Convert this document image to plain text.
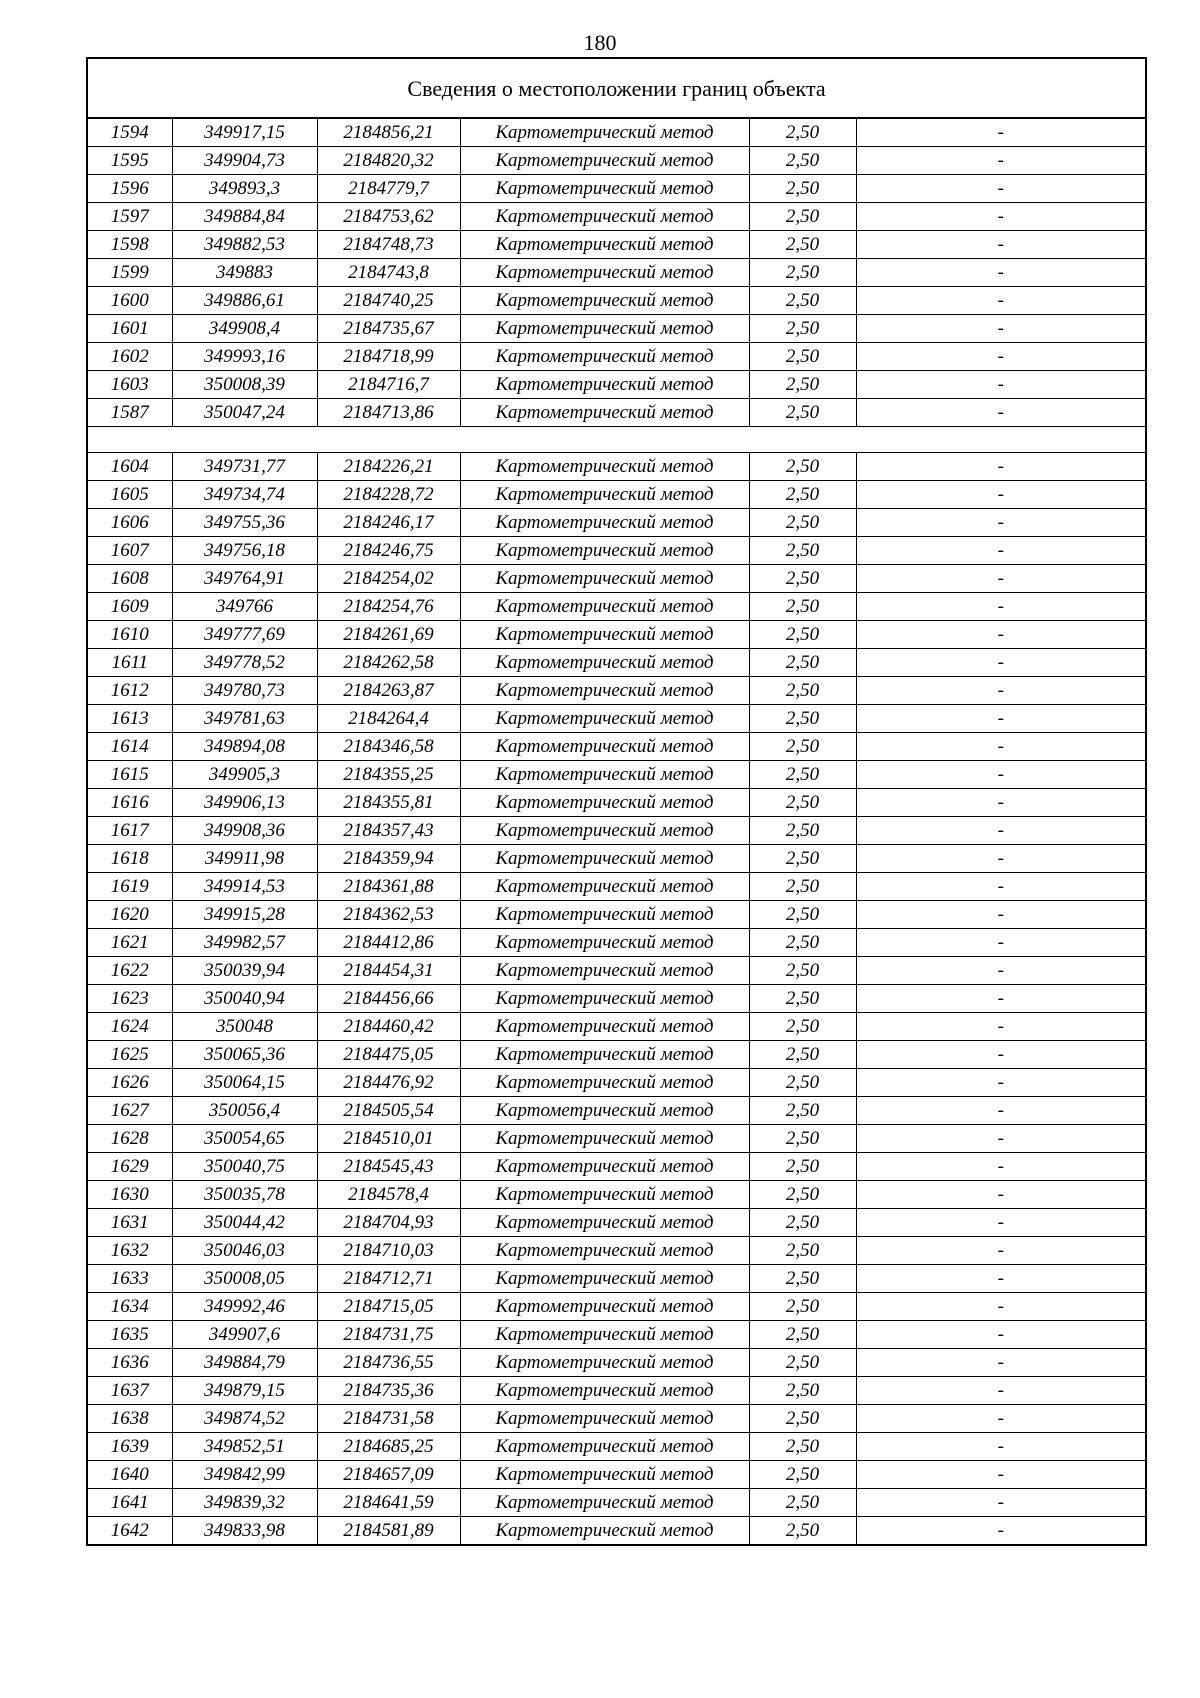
180
Сведения о местоположении границ объекта
1594	349917,15	2184856,21	Картометрический метод	2,50	-
1595	349904,73	2184820,32	Картометрический метод	2,50	-
1596	349893,3	2184779,7	Картометрический метод	2,50	-
1597	349884,84	2184753,62	Картометрический метод	2,50	-
1598	349882,53	2184748,73	Картометрический метод	2,50	-
1599	349883	2184743,8	Картометрический метод	2,50	-
1600	349886,61	2184740,25	Картометрический метод	2,50	-
1601	349908,4	2184735,67	Картометрический метод	2,50	-
1602	349993,16	2184718,99	Картометрический метод	2,50	-
1603	350008,39	2184716,7	Картометрический метод	2,50	-
1587	350047,24	2184713,86	Картометрический метод	2,50	-

1604	349731,77	2184226,21	Картометрический метод	2,50	-
1605	349734,74	2184228,72	Картометрический метод	2,50	-
1606	349755,36	2184246,17	Картометрический метод	2,50	-
1607	349756,18	2184246,75	Картометрический метод	2,50	-
1608	349764,91	2184254,02	Картометрический метод	2,50	-
1609	349766	2184254,76	Картометрический метод	2,50	-
1610	349777,69	2184261,69	Картометрический метод	2,50	-
1611	349778,52	2184262,58	Картометрический метод	2,50	-
1612	349780,73	2184263,87	Картометрический метод	2,50	-
1613	349781,63	2184264,4	Картометрический метод	2,50	-
1614	349894,08	2184346,58	Картометрический метод	2,50	-
1615	349905,3	2184355,25	Картометрический метод	2,50	-
1616	349906,13	2184355,81	Картометрический метод	2,50	-
1617	349908,36	2184357,43	Картометрический метод	2,50	-
1618	349911,98	2184359,94	Картометрический метод	2,50	-
1619	349914,53	2184361,88	Картометрический метод	2,50	-
1620	349915,28	2184362,53	Картометрический метод	2,50	-
1621	349982,57	2184412,86	Картометрический метод	2,50	-
1622	350039,94	2184454,31	Картометрический метод	2,50	-
1623	350040,94	2184456,66	Картометрический метод	2,50	-
1624	350048	2184460,42	Картометрический метод	2,50	-
1625	350065,36	2184475,05	Картометрический метод	2,50	-
1626	350064,15	2184476,92	Картометрический метод	2,50	-
1627	350056,4	2184505,54	Картометрический метод	2,50	-
1628	350054,65	2184510,01	Картометрический метод	2,50	-
1629	350040,75	2184545,43	Картометрический метод	2,50	-
1630	350035,78	2184578,4	Картометрический метод	2,50	-
1631	350044,42	2184704,93	Картометрический метод	2,50	-
1632	350046,03	2184710,03	Картометрический метод	2,50	-
1633	350008,05	2184712,71	Картометрический метод	2,50	-
1634	349992,46	2184715,05	Картометрический метод	2,50	-
1635	349907,6	2184731,75	Картометрический метод	2,50	-
1636	349884,79	2184736,55	Картометрический метод	2,50	-
1637	349879,15	2184735,36	Картометрический метод	2,50	-
1638	349874,52	2184731,58	Картометрический метод	2,50	-
1639	349852,51	2184685,25	Картометрический метод	2,50	-
1640	349842,99	2184657,09	Картометрический метод	2,50	-
1641	349839,32	2184641,59	Картометрический метод	2,50	-
1642	349833,98	2184581,89	Картометрический метод	2,50	-
